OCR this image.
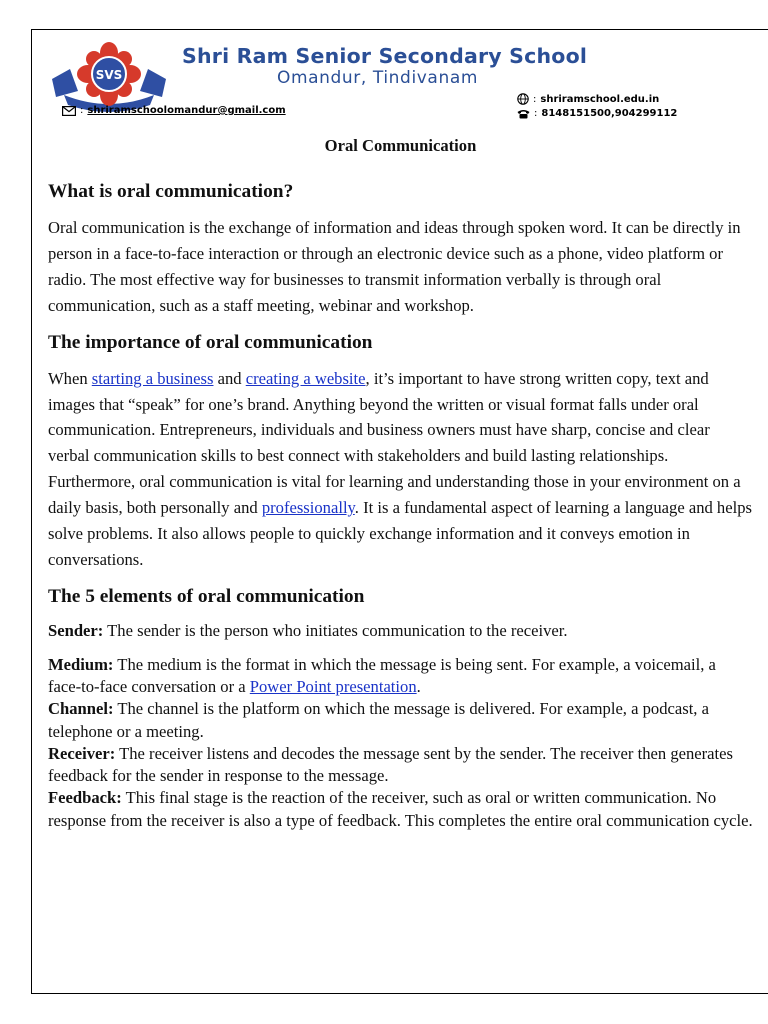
SVS
Shri Ram Senior Secondary School
Omandur, Tindivanam
: shriramschoolomandur@gmail.com
: shriramschool.edu.in
: 8148151500,904299112
Oral Communication
What is oral communication?

Oral communication is the exchange of information and ideas through spoken word. It can be directly in person in a face-to-face interaction or through an electronic device such as a phone, video platform or radio. The most effective way for businesses to transmit information verbally is through oral communication, such as a staff meeting, webinar and workshop.

The importance of oral communication

When starting a business and creating a website, it’s important to have strong written copy, text and images that “speak” for one’s brand. Anything beyond the written or visual format falls under oral communication. Entrepreneurs, individuals and business owners must have sharp, concise and clear verbal communication skills to best connect with stakeholders and build lasting relationships. Furthermore, oral communication is vital for learning and understanding those in your environment on a daily basis, both personally and professionally. It is a fundamental aspect of learning a language and helps solve problems. It also allows people to quickly exchange information and it conveys emotion in conversations.

The 5 elements of oral communication

Sender: The sender is the person who initiates communication to the receiver.

Medium: The medium is the format in which the message is being sent. For example, a voicemail, a face-to-face conversation or a Power Point presentation.

Channel: The channel is the platform on which the message is delivered. For example, a podcast, a telephone or a meeting.

Receiver: The receiver listens and decodes the message sent by the sender. The receiver then generates feedback for the sender in response to the message.

Feedback: This final stage is the reaction of the receiver, such as oral or written communication. No response from the receiver is also a type of feedback. This completes the entire oral communication cycle.
